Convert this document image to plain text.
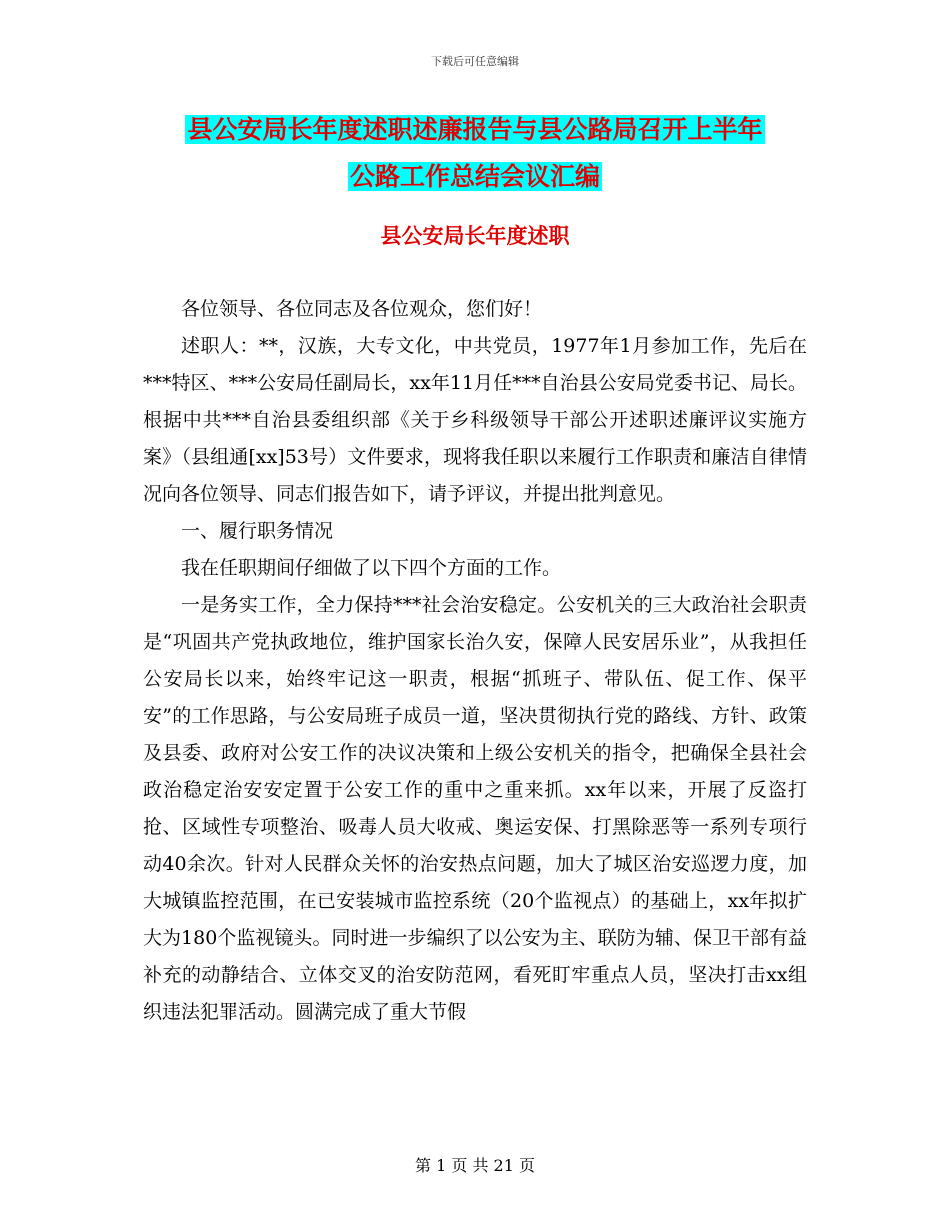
下载后可任意编辑
县公安局长年度述职述廉报告与县公路局召开上半年
公路工作总结会议汇编
县公安局长年度述职

各位领导、各位同志及各位观众，您们好！

述职人：**，汉族，大专文化，中共党员，1977年1月参加工作，先后在***特区、***公安局任副局长，xx年11月任***自治县公安局党委书记、局长。根据中共***自治县委组织部《关于乡科级领导干部公开述职述廉评议实施方案》（县组通[xx]53号）文件要求，现将我任职以来履行工作职责和廉洁自律情况向各位领导、同志们报告如下，请予评议，并提出批判意见。

一、履行职务情况

我在任职期间仔细做了以下四个方面的工作。

一是务实工作，全力保持***社会治安稳定。公安机关的三大政治社会职责是“巩固共产党执政地位，维护国家长治久安，保障人民安居乐业”，从我担任公安局长以来，始终牢记这一职责，根据“抓班子、带队伍、促工作、保平安”的工作思路，与公安局班子成员一道，坚决贯彻执行党的路线、方针、政策及县委、政府对公安工作的决议决策和上级公安机关的指令，把确保全县社会政治稳定治安安定置于公安工作的重中之重来抓。xx年以来，开展了反盗打抢、区域性专项整治、吸毒人员大收戒、奥运安保、打黑除恶等一系列专项行动40余次。针对人民群众关怀的治安热点问题，加大了城区治安巡逻力度，加大城镇监控范围，在已安装城市监控系统（20个监视点）的基础上，xx年拟扩大为180个监视镜头。同时进一步编织了以公安为主、联防为辅、保卫干部有益补充的动静结合、立体交叉的治安防范网，看死盯牢重点人员，坚决打击xx组织违法犯罪活动。圆满完成了重大节假

第 1 页 共 21 页
